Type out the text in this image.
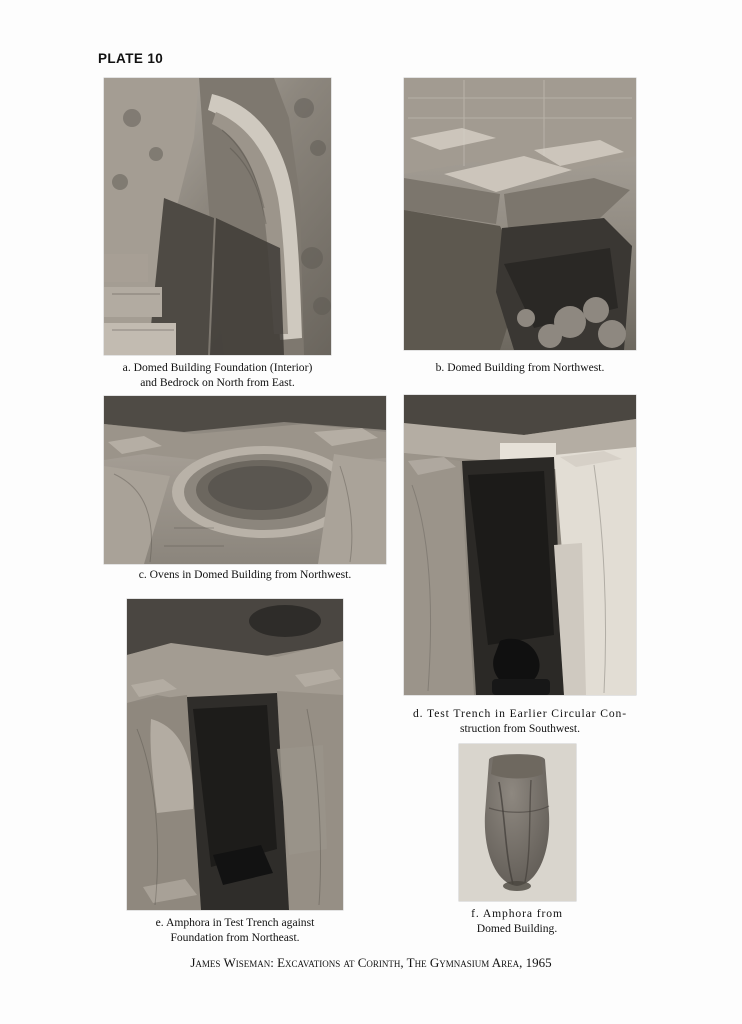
PLATE 10
a. Domed Building Foundation (Interior)
and Bedrock on North from East.
b. Domed Building from Northwest.
c. Ovens in Domed Building from Northwest.
d. Test Trench in Earlier Circular Con-
struction from Southwest.
e. Amphora in Test Trench against
Foundation from Northeast.
f. Amphora from
Domed Building.
James Wiseman: Excavations at Corinth, The Gymnasium Area, 1965
